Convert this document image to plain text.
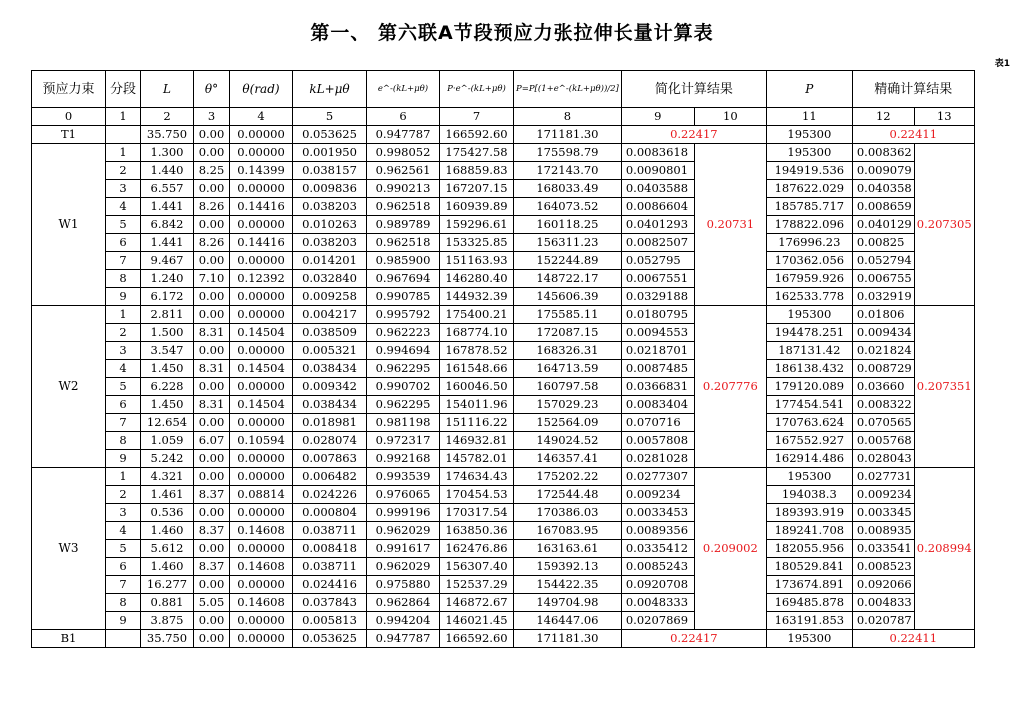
第一、 第六联A节段预应力张拉伸长量计算表
表1
预应力束	分段	L	θ°	θ(rad)	kL+μθ	e^-(kL+μθ)	P·e^-(kL+μθ)	P=P[(1+e^-(kL+μθ))/2]	简化计算结果		P	精确计算结果	
0	1	2	3	4	5	6	7	8	9	10	11	12	13
T1		35.750	0.00	0.00000	0.053625	0.947787	166592.60	171181.30	0.22417		195300	0.22411	
W1	1	1.300	0.00	0.00000	0.001950	0.998052	175427.58	175598.79	0.0083618	0.20731	195300	0.008362	0.207305
	2	1.440	8.25	0.14399	0.038157	0.962561	168859.83	172143.70	0.0090801		194919.536	0.009079	
	3	6.557	0.00	0.00000	0.009836	0.990213	167207.15	168033.49	0.0403588		187622.029	0.040358	
	4	1.441	8.26	0.14416	0.038203	0.962518	160939.89	164073.52	0.0086604		185785.717	0.008659	
	5	6.842	0.00	0.00000	0.010263	0.989789	159296.61	160118.25	0.0401293		178822.096	0.040129	
	6	1.441	8.26	0.14416	0.038203	0.962518	153325.85	156311.23	0.0082507		176996.23	0.00825	
	7	9.467	0.00	0.00000	0.014201	0.985900	151163.93	152244.89	0.052795		170362.056	0.052794	
	8	1.240	7.10	0.12392	0.032840	0.967694	146280.40	148722.17	0.0067551		167959.926	0.006755	
	9	6.172	0.00	0.00000	0.009258	0.990785	144932.39	145606.39	0.0329188		162533.778	0.032919	
W2	1	2.811	0.00	0.00000	0.004217	0.995792	175400.21	175585.11	0.0180795	0.207776	195300	0.01806	0.207351
	2	1.500	8.31	0.14504	0.038509	0.962223	168774.10	172087.15	0.0094553		194478.251	0.009434	
	3	3.547	0.00	0.00000	0.005321	0.994694	167878.52	168326.31	0.0218701		187131.42	0.021824	
	4	1.450	8.31	0.14504	0.038434	0.962295	161548.66	164713.59	0.0087485		186138.432	0.008729	
	5	6.228	0.00	0.00000	0.009342	0.990702	160046.50	160797.58	0.0366831		179120.089	0.03660	
	6	1.450	8.31	0.14504	0.038434	0.962295	154011.96	157029.23	0.0083404		177454.541	0.008322	
	7	12.654	0.00	0.00000	0.018981	0.981198	151116.22	152564.09	0.070716		170763.624	0.070565	
	8	1.059	6.07	0.10594	0.028074	0.972317	146932.81	149024.52	0.0057808		167552.927	0.005768	
	9	5.242	0.00	0.00000	0.007863	0.992168	145782.01	146357.41	0.0281028		162914.486	0.028043	
W3	1	4.321	0.00	0.00000	0.006482	0.993539	174634.43	175202.22	0.0277307	0.209002	195300	0.027731	0.208994
	2	1.461	8.37	0.08814	0.024226	0.976065	170454.53	172544.48	0.009234		194038.3	0.009234	
	3	0.536	0.00	0.00000	0.000804	0.999196	170317.54	170386.03	0.0033453		189393.919	0.003345	
	4	1.460	8.37	0.14608	0.038711	0.962029	163850.36	167083.95	0.0089356		189241.708	0.008935	
	5	5.612	0.00	0.00000	0.008418	0.991617	162476.86	163163.61	0.0335412		182055.956	0.033541	
	6	1.460	8.37	0.14608	0.038711	0.962029	156307.40	159392.13	0.0085243		180529.841	0.008523	
	7	16.277	0.00	0.00000	0.024416	0.975880	152537.29	154422.35	0.0920708		173674.891	0.092066	
	8	0.881	5.05	0.14608	0.037843	0.962864	146872.67	149704.98	0.0048333		169485.878	0.004833	
	9	3.875	0.00	0.00000	0.005813	0.994204	146021.45	146447.06	0.0207869		163191.853	0.020787	
B1		35.750	0.00	0.00000	0.053625	0.947787	166592.60	171181.30	0.22417		195300	0.22411	
